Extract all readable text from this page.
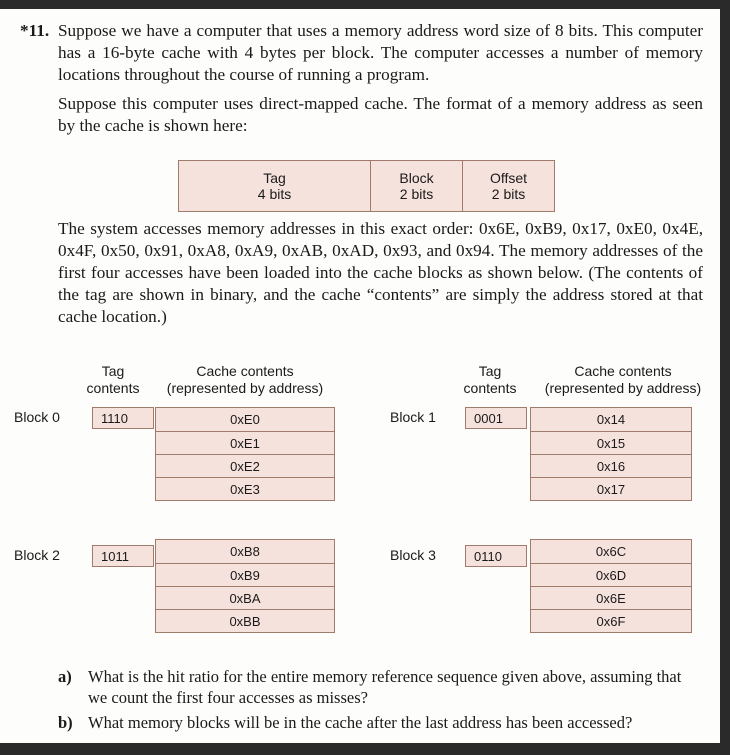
*11. Suppose we have a computer that uses a memory address word size of 8 bits. This computer has a 16-byte cache with 4 bytes per block. The computer accesses a number of memory locations throughout the course of running a program.
Suppose this computer uses direct-mapped cache. The format of a memory address as seen by the cache is shown here:
Tag
4 bits
Block
2 bits
Offset
2 bits
The system accesses memory addresses in this exact order: 0x6E, 0xB9, 0x17, 0xE0, 0x4E, 0x4F, 0x50, 0x91, 0xA8, 0xA9, 0xAB, 0xAD, 0x93, and 0x94. The memory addresses of the first four accesses have been loaded into the cache blocks as shown below. (The contents of the tag are shown in binary, and the cache “contents” are simply the address stored at that cache location.)
Tag
contents
Cache contents
(represented by address)
Tag
contents
Cache contents
(represented by address)
Block 0	1110	0xE0
0xE1
0xE2
0xE3
Block 1	0001	0x14
0x15
0x16
0x17
Block 2	1011	0xB8
0xB9
0xBA
0xBB
Block 3	0110	0x6C
0x6D
0x6E
0x6F
a) What is the hit ratio for the entire memory reference sequence given above, assuming that we count the first four accesses as misses?
b) What memory blocks will be in the cache after the last address has been accessed?
